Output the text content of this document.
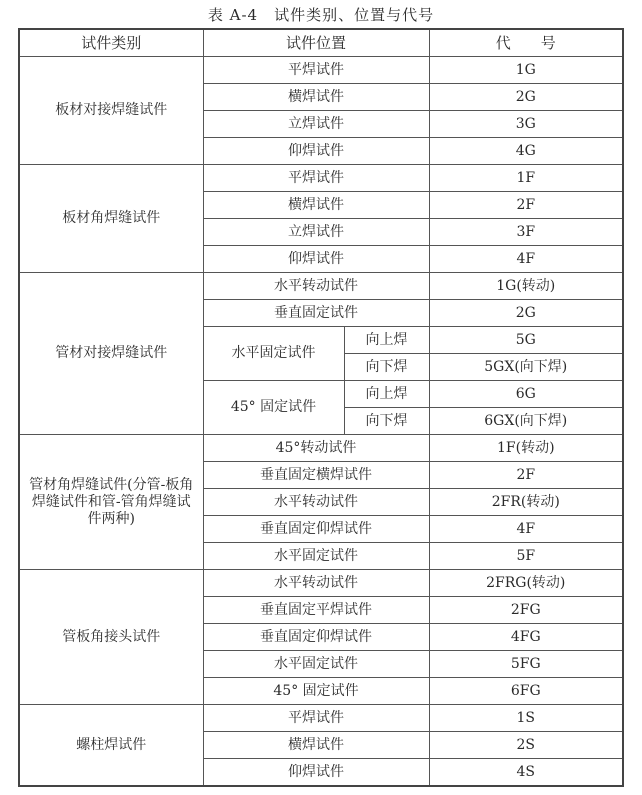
表 A-4　试件类别、位置与代号
试件类别	试件位置		代　　号
板材对接焊缝试件	平焊试件		1G
	横焊试件		2G
	立焊试件		3G
	仰焊试件		4G
板材角焊缝试件	平焊试件		1F
	横焊试件		2F
	立焊试件		3F
	仰焊试件		4F
管材对接焊缝试件	水平转动试件		1G(转动)
	垂直固定试件		2G
	水平固定试件	向上焊	5G
		向下焊	5GX(向下焊)
	45° 固定试件	向上焊	6G
		向下焊	6GX(向下焊)
管材角焊缝试件(分管-板角焊缝试件和管-管角焊缝试件两种)	45°转动试件		1F(转动)
	垂直固定横焊试件		2F
	水平转动试件		2FR(转动)
	垂直固定仰焊试件		4F
	水平固定试件		5F
管板角接头试件	水平转动试件		2FRG(转动)
	垂直固定平焊试件		2FG
	垂直固定仰焊试件		4FG
	水平固定试件		5FG
	45° 固定试件		6FG
螺柱焊试件	平焊试件		1S
	横焊试件		2S
	仰焊试件		4S
